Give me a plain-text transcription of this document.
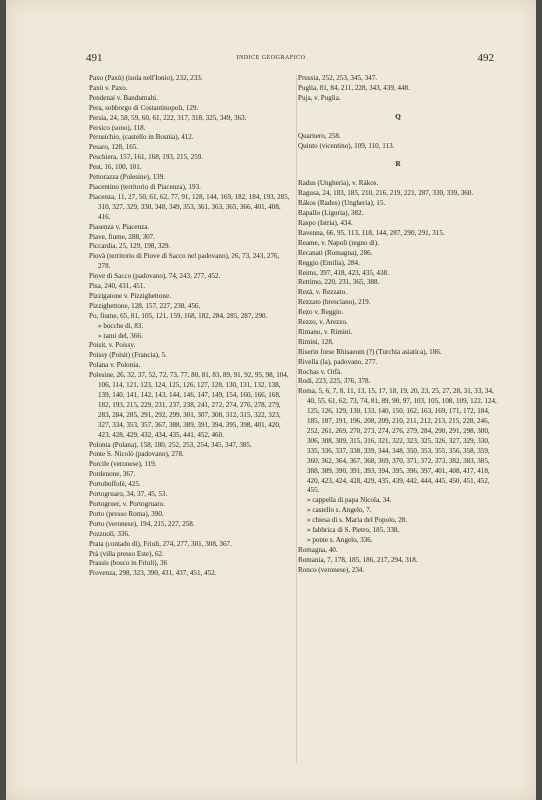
491	INDICE GEOGRAFICO	492

Paxo (Paxù) (isola nell'Ionio), 232, 233.

Paxù v. Paxo.

Pendenai v. Bandumahi.

Pera, sobborgo di Costantinopoli, 129.

Persia, 24, 58, 59, 60, 61, 222, 317, 318, 325, 349, 363.

Persico (sono), 118.

Perusichio, (castello in Bosnia), 412.

Pesaro, 128, 165.

Peschiera, 157, 161, 168, 193, 215, 259.

Pest, 16, 100, 101.

Pettorazza (Polesine), 139.

Piacentino (territorio di Piacenza), 193.

Piacenza, 11, 27, 50, 61, 62, 77, 91, 128, 144, 169, 182, 184, 193, 285, 310, 327, 329, 330, 348, 349, 353, 361, 363, 365, 366, 401, 408, 416.

Piasenza v. Piacenza.

Piave, fiume, 288, 307.

Piccardia, 25, 129, 198, 329.

Piovà (territorio di Piove di Sacco nel padovano), 26, 73, 243, 276, 278.

Piove di Sacco (padovano), 74, 243, 277, 452.

Pisa, 240, 431, 451.

Pizzigatone v. Pizzighettone.

Pizzighettone, 128, 157, 227, 238, 456.

Po, fiume, 65, 81, 105, 121, 159, 168, 182, 284, 285, 287, 290.

» bocche di, 83.

» rami del, 366.

Poisit, v. Poissy.

Poissy (Poisit) (Francia), 5.

Polana v. Polonia.

Polesine, 26, 32, 37, 52, 72, 73, 77, 80, 81, 83, 89, 91, 92, 95, 98, 104, 106, 114, 121, 123, 124, 125, 126, 127, 128, 130, 131, 132, 138, 139, 140, 141, 142, 143, 144, 146, 147, 149, 154, 160, 166, 168, 182, 193, 215, 229, 231, 237, 238, 241, 272, 274, 276, 278, 279, 283, 284, 285, 291, 292, 299, 301, 307, 308, 312, 315, 322, 323, 327, 334, 353, 357, 367, 388, 389, 391, 394, 395, 398, 401, 420, 423, 428, 429, 432, 434, 435, 441, 452, 460.

Polonia (Polana), 158, 180, 252, 253, 254, 345, 347, 385.

Ponte S. Nicolò (padovano), 278.

Porcile (veronese), 119.

Pordenone, 367.

Portobuffolè, 425.

Portogruaro, 34, 37, 45, 53.

Portogruer, v. Portogruaro.

Porto (presso Roma), 390.

Porto (veronese), 194, 215, 227, 258.

Pozzuoli, 336.

Prata (contado di), Friuli, 274, 277, 301, 308, 367.

Prà (villa presso Este), 62.

Prassis (bosco in Friuli), 36

Provenza, 298, 323, 390, 431, 437, 451, 452.

Prussia, 252, 253, 345, 347.

Puglia, 81, 84, 211, 228, 343, 439, 448.

Puja, v. Puglia.

Q

Quarnero, 258.

Quinto (vicentino), 109, 110, 113.

R

Radus (Ungheria), v. Rákos.

Ragusa, 24, 183, 185, 210, 216, 219, 221, 287, 330, 339, 360.

Rákos (Radus) (Ungheria), 15.

Rapallo (Liguria), 382.

Raspo (Istria), 434.

Ravenna, 66, 95, 113, 118, 144, 287, 290, 291, 315.

Reame, v. Napoli (regno di).

Recanati (Romagna), 286.

Reggio (Emilia), 284.

Reims, 397, 418, 423, 435, 438.

Rettimo, 220, 231, 365, 388.

Rezà, v. Rezzato.

Rezzato (bresciano), 219.

Rezo v. Reggio.

Rezzo, v. Arezzo.

Rimano, v. Rimini.

Rimini, 128.

Riserin forse Rhisaeum (?) (Turchia asiatica), 186.

Rivella (la), padovano, 277.

Rochas v. Orfà.

Rodi, 223, 225, 376, 378.

Roma, 5, 6, 7, 8, 11, 13, 15, 17, 18, 19, 20, 23, 25, 27, 28, 31, 33, 34, 40, 55, 61, 62, 73, 74, 81, 89, 90, 97, 103, 105, 108, 109, 122, 124, 125, 126, 129, 130, 133, 140, 150, 162, 163, 169, 171, 172, 184, 185, 187, 191, 196, 208, 209, 210, 211, 212, 213, 215, 228, 246, 252, 261, 269, 270, 273, 274, 276, 279, 284, 290, 291, 298, 300, 306, 308, 309, 315, 316, 321, 322, 323, 325, 326, 327, 329, 330, 335, 336, 337, 338, 339, 344, 348, 350, 353, 355, 356, 358, 359, 360, 362, 364, 367, 368, 369, 370, 371, 372, 373, 382, 383, 385, 388, 389, 390, 391, 393, 394, 395, 396, 397, 401, 408, 417, 418, 420, 423, 424, 428, 429, 435, 439, 442, 444, 445, 450, 451, 452, 455.

» cappella di papa Nicola, 34.

» castello s. Angelo, 7.

» chiesa di s. Maria del Popolo, 28.

» fabbrica di S. Pietro, 185, 338,

» ponte s. Angelo, 336.

Romagna, 40.

Romania, 7, 178, 185, 186, 217, 294, 318.

Ronco (veronese), 234.
